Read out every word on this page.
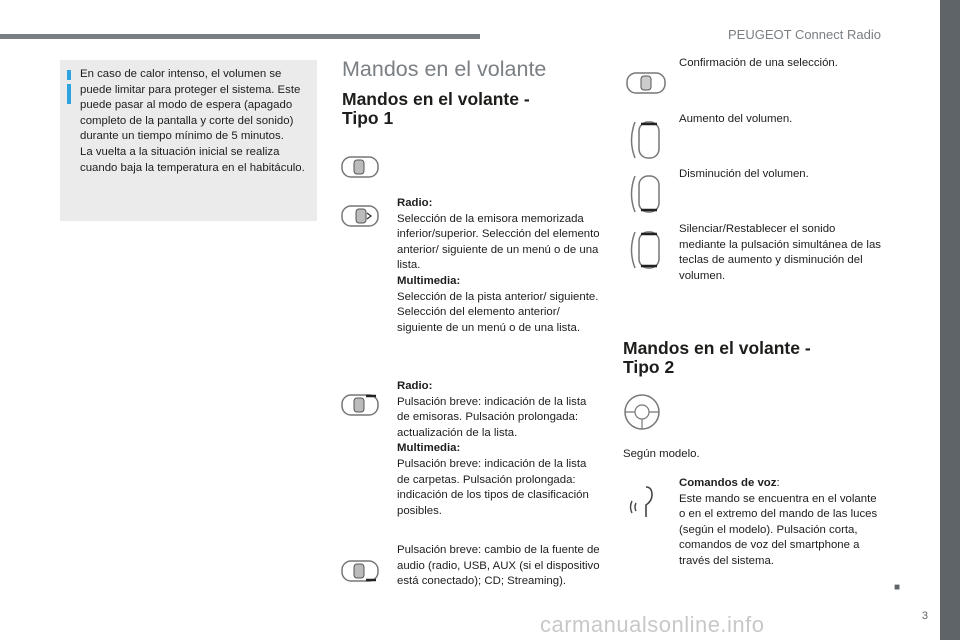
PEUGEOT Connect Radio

En caso de calor intenso, el volumen se puede limitar para proteger el sistema. Este puede pasar al modo de espera (apagado completo de la pantalla y corte del sonido) durante un tiempo mínimo de 5 minutos.

La vuelta a la situación inicial se realiza cuando baja la temperatura en el habitáculo.

Mandos en el volante
Mandos en el volante -
Tipo 1

Radio:

Selección de la emisora memorizada inferior/superior. Selección del elemento anterior/ siguiente de un menú o de una lista.

Multimedia:

Selección de la pista anterior/ siguiente. Selección del elemento anterior/ siguiente de un menú o de una lista.

Radio:

Pulsación breve: indicación de la lista de emisoras. Pulsación prolongada: actualización de la lista.

Multimedia:

Pulsación breve: indicación de la lista de carpetas. Pulsación prolongada: indicación de los tipos de clasificación posibles.

Pulsación breve: cambio de la fuente de audio (radio, USB, AUX (si el dispositivo está conectado); CD; Streaming).

Confirmación de una selección.
Aumento del volumen.
Disminución del volumen.
Silenciar/Restablecer el sonido mediante la pulsación simultánea de las teclas de aumento y disminución del volumen.
Mandos en el volante -
Tipo 2
Según modelo.

Comandos de voz:

Este mando se encuentra en el volante o en el extremo del mando de las luces (según el modelo). Pulsación corta, comandos de voz del smartphone a través del sistema.

■
3
carmanualsonline.info
